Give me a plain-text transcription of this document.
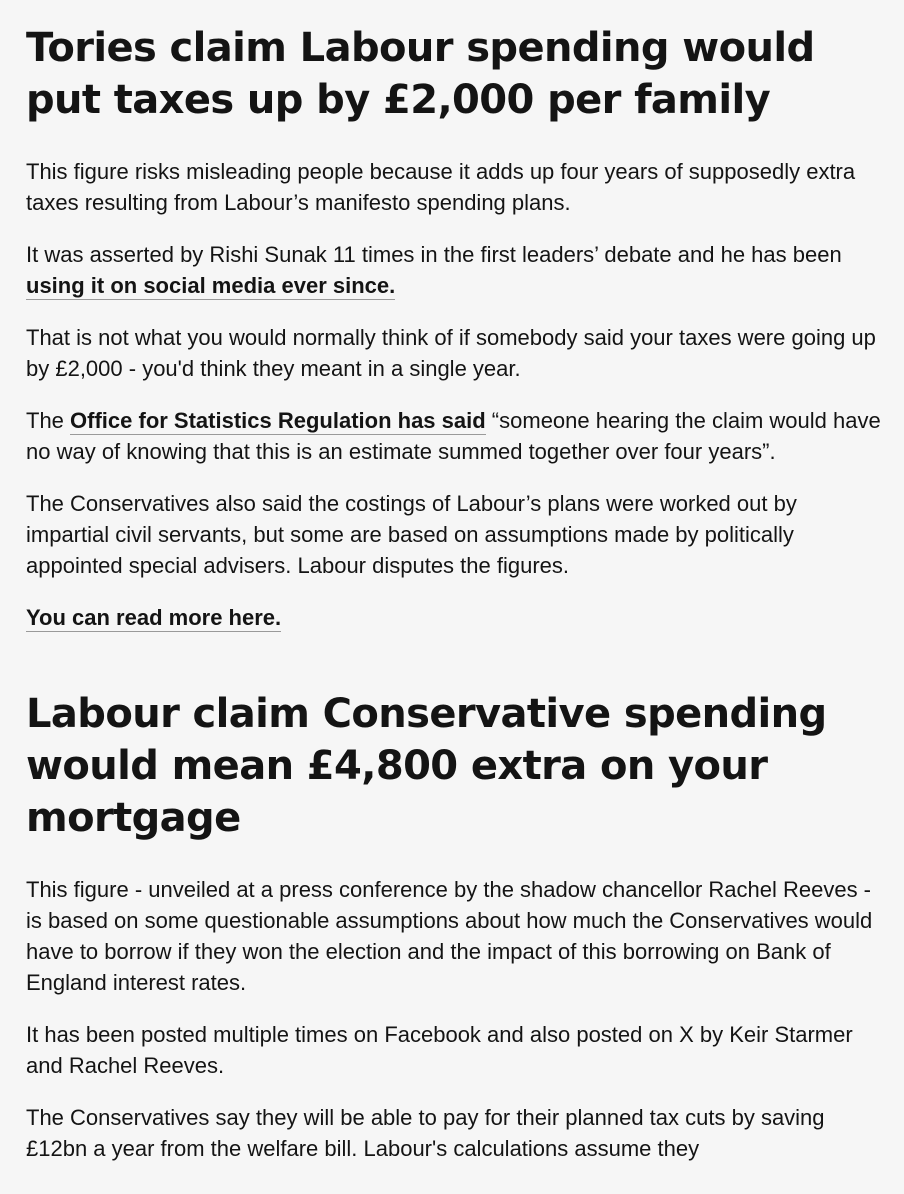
Tories claim Labour spending would put taxes up by £2,000 per family

This figure risks misleading people because it adds up four years of supposedly extra taxes resulting from Labour’s manifesto spending plans.

It was asserted by Rishi Sunak 11 times in the first leaders’ debate and he has been using it on social media ever since.

That is not what you would normally think of if somebody said your taxes were going up by £2,000 - you'd think they meant in a single year.

The Office for Statistics Regulation has said “someone hearing the claim would have no way of knowing that this is an estimate summed together over four years”.

The Conservatives also said the costings of Labour’s plans were worked out by impartial civil servants, but some are based on assumptions made by politically appointed special advisers. Labour disputes the figures.

You can read more here.

Labour claim Conservative spending would mean £4,800 extra on your mortgage

This figure - unveiled at a press conference by the shadow chancellor Rachel Reeves - is based on some questionable assumptions about how much the Conservatives would have to borrow if they won the election and the impact of this borrowing on Bank of England interest rates.

It has been posted multiple times on Facebook and also posted on X by Keir Starmer and Rachel Reeves.

The Conservatives say they will be able to pay for their planned tax cuts by saving £12bn a year from the welfare bill. Labour's calculations assume they
